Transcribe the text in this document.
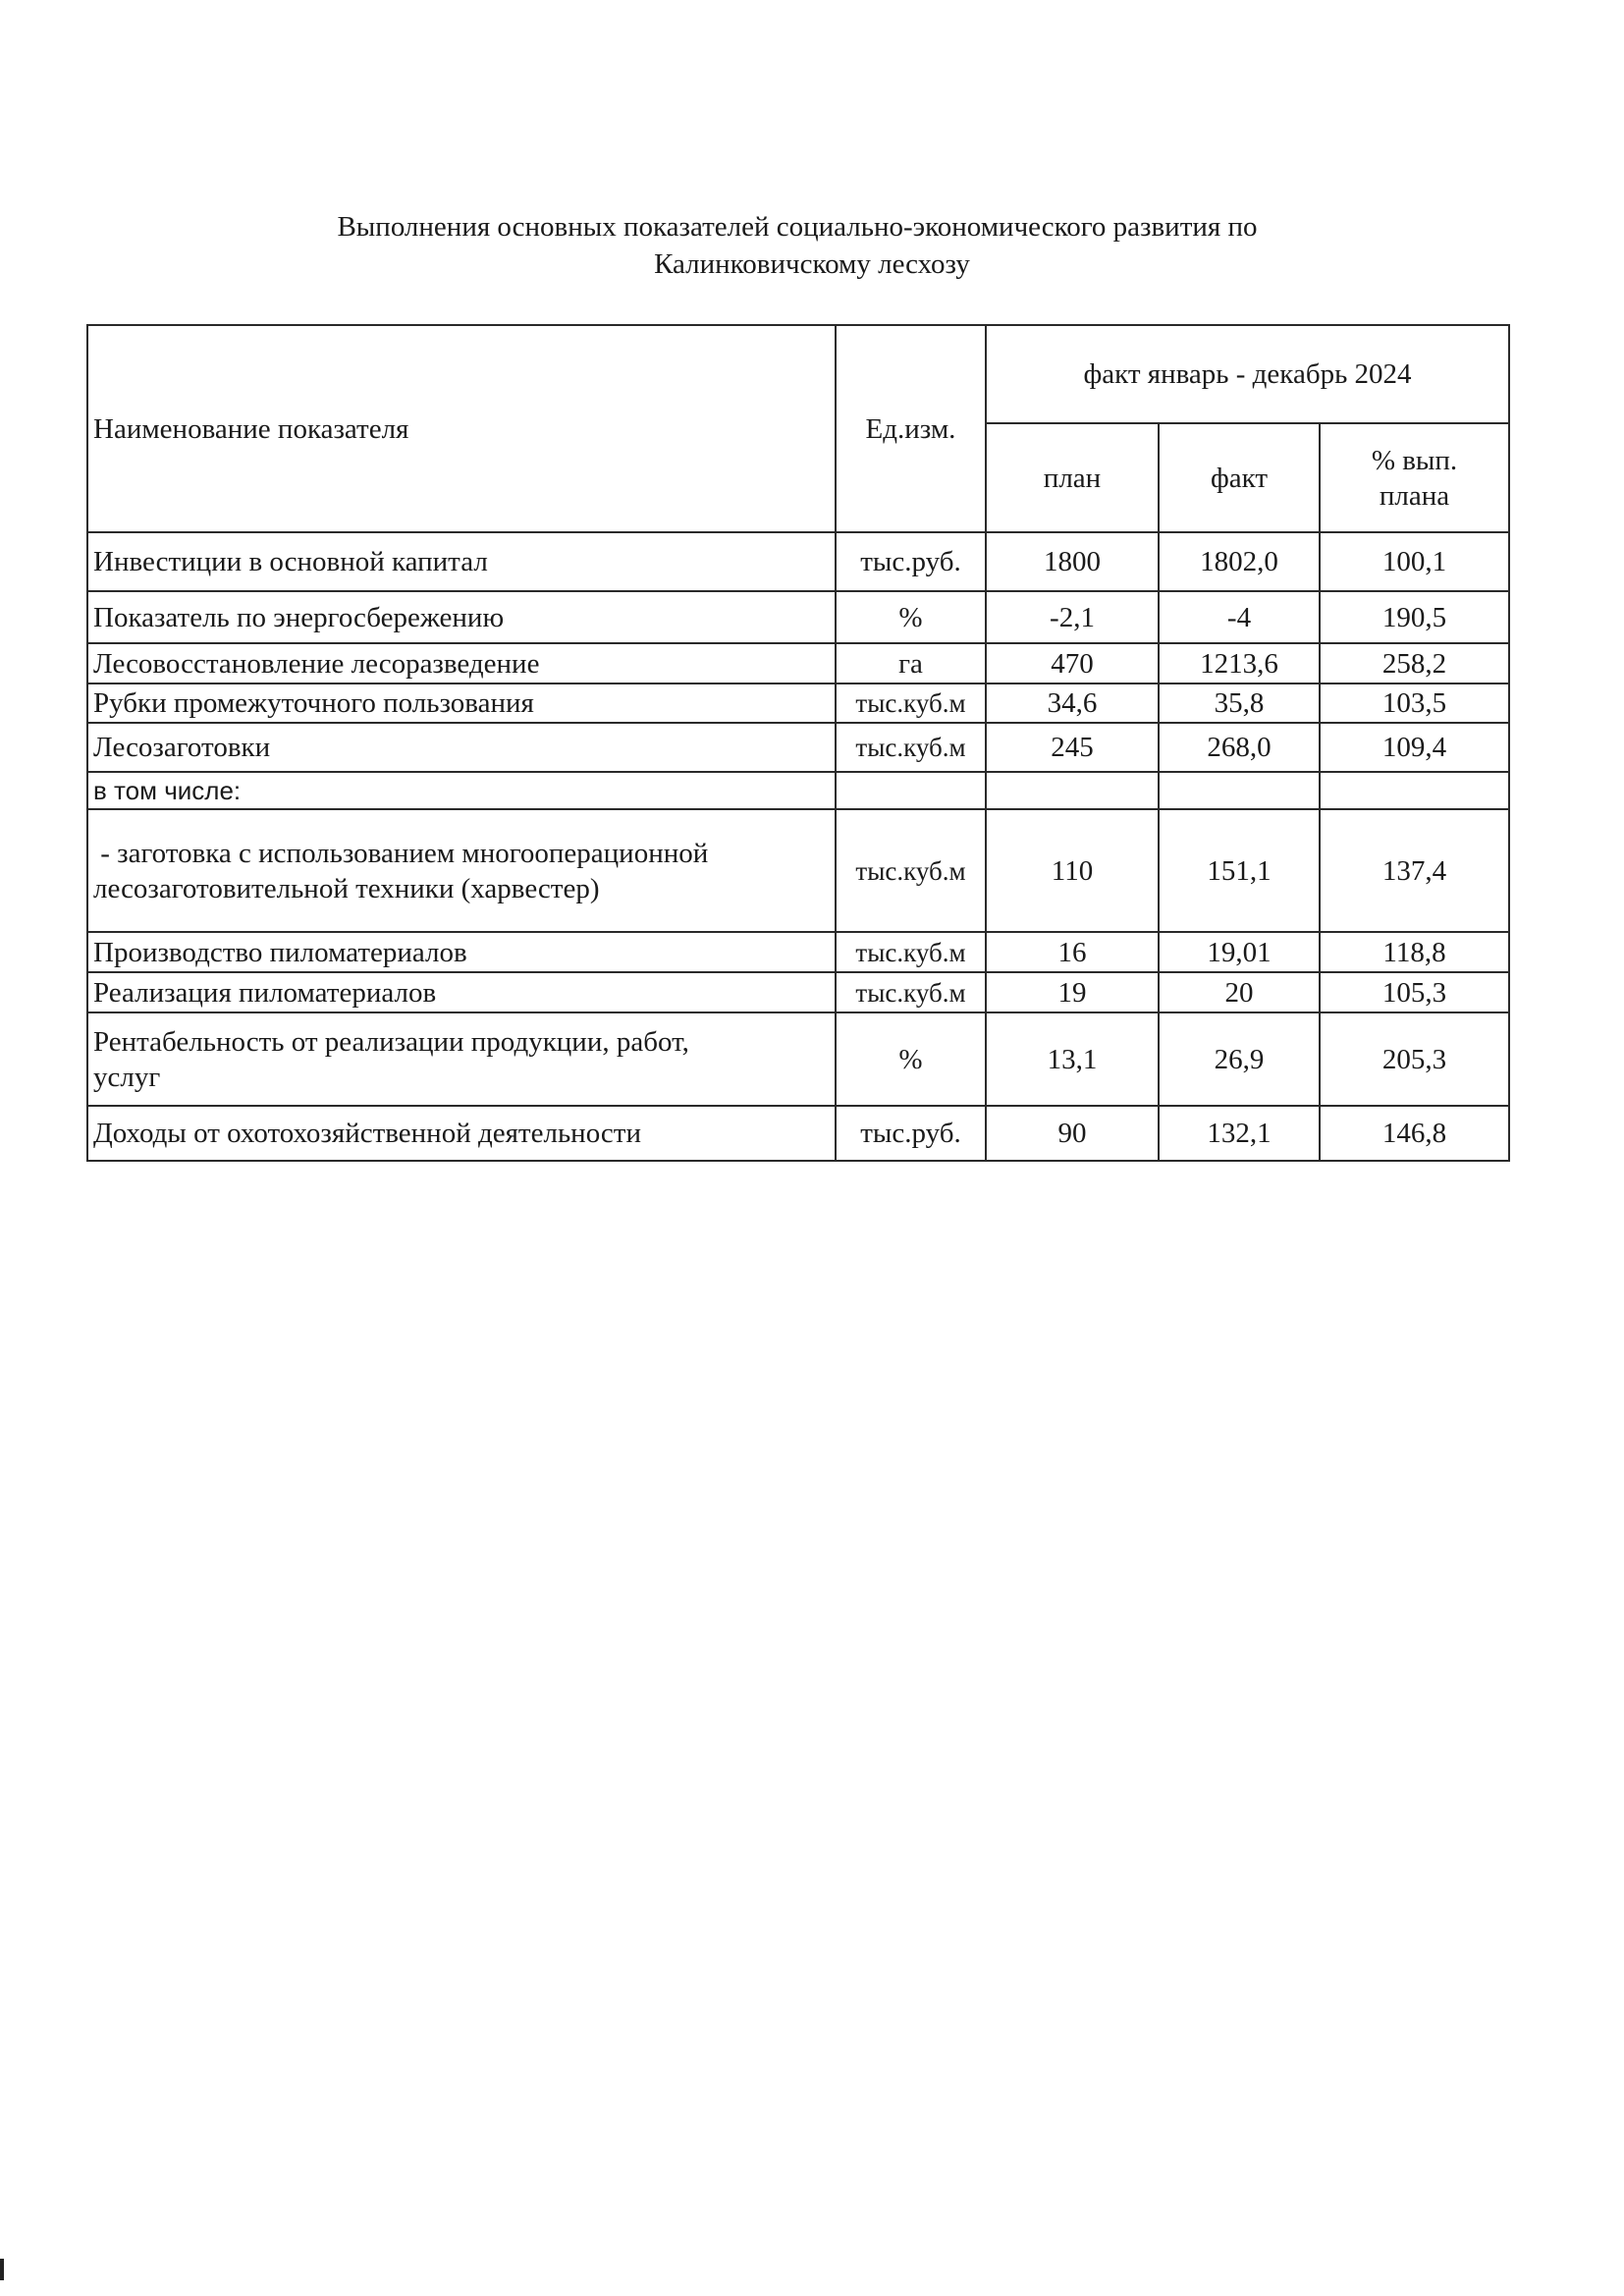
Выполнения основных показателей социально-экономического развития по
Калинковичскому лесхозу
Наименование показателя	Ед.изм.	факт январь - декабрь 2024		
		план	факт	% вып.
плана

Инвестиции в основной капитал	тыс.руб.	1800	1802,0	100,1
Показатель по энергосбережению	%	-2,1	-4	190,5
Лесовосстановление лесоразведение	га	470	1213,6	258,2
Рубки промежуточного пользования	тыс.куб.м	34,6	35,8	103,5
Лесозаготовки	тыс.куб.м	245	268,0	109,4
в том числе:				

- заготовка с использованием многооперационной
лесозаготовительной техники (харвестер)	тыс.куб.м	110	151,1	137,4
Производство пиломатериалов	тыс.куб.м	16	19,01	118,8
Реализация пиломатериалов	тыс.куб.м	19	20	105,3

Рентабельность от реализации продукции, работ,
услуг	%	13,1	26,9	205,3
Доходы от охотохозяйственной деятельности	тыс.руб.	90	132,1	146,8
